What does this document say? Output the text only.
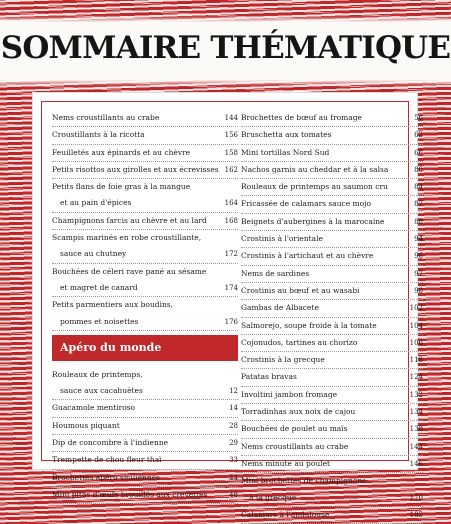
SOMMAIRE THÉMATIQUE
Nems croustillants au crabe	144
Croustillants à la ricotta	156
Feuilletés aux épinards et au chèvre	158
Petits risottos aux girolles et aux écrevisses 162
Petits flans de foie gras à la mangue
et au pain d'épices	164
Champignons farcis au chèvre et au lard	168
Scampis marinés en robe croustillante,
sauce au chutney	172
Bouchées de céleri rave pané au sésame
et magret de canard	174
Petits parmentiers aux boudins,
pommes et noisettes	176
Apéro du monde
Rouleaux de printemps,
sauce aux cacahuètes	12
Guacamole mentiroso	14
Houmous piquant	28
Dip de concombre à l'indienne	29
Trempette de chou fleur thaï	33
Brochettes apéro siciliennes	44
Mini pitas d'œufs brouillés aux crevettes	48
Brochettes de bœuf au fromage	56
Bruschetta aux tomates	62
Mini tortillas Nord Sud	66
Nachos garnis au cheddar et à la salsa	80
Rouleaux de printemps au saumon cru	84
Fricassée de calamars sauce mojo	87
Beignets d'aubergines à la marocaine	88
Crostinis à l'orientale	94
Crostinis à l'artichaut et au chèvre	96
Nems de sardines	97
Crostinis au bœuf et au wasabi	98
Gambas de Albacete	102
Salmorejo, soupe froide à la tomate	104
Cojonudos, tartines au chorizo	106
Crostinis à la grecque	118
Patatas bravas	124
Involtini jambon fromage	132
Torradinhas aux noix de cajou	134
Bouchées de poulet au maïs	138
Nems croustillants au crabe	144
Nems minute au poulet	146
Mini brochettes de champignons
à la grecque	170
Calamars à l'andalouse	185
